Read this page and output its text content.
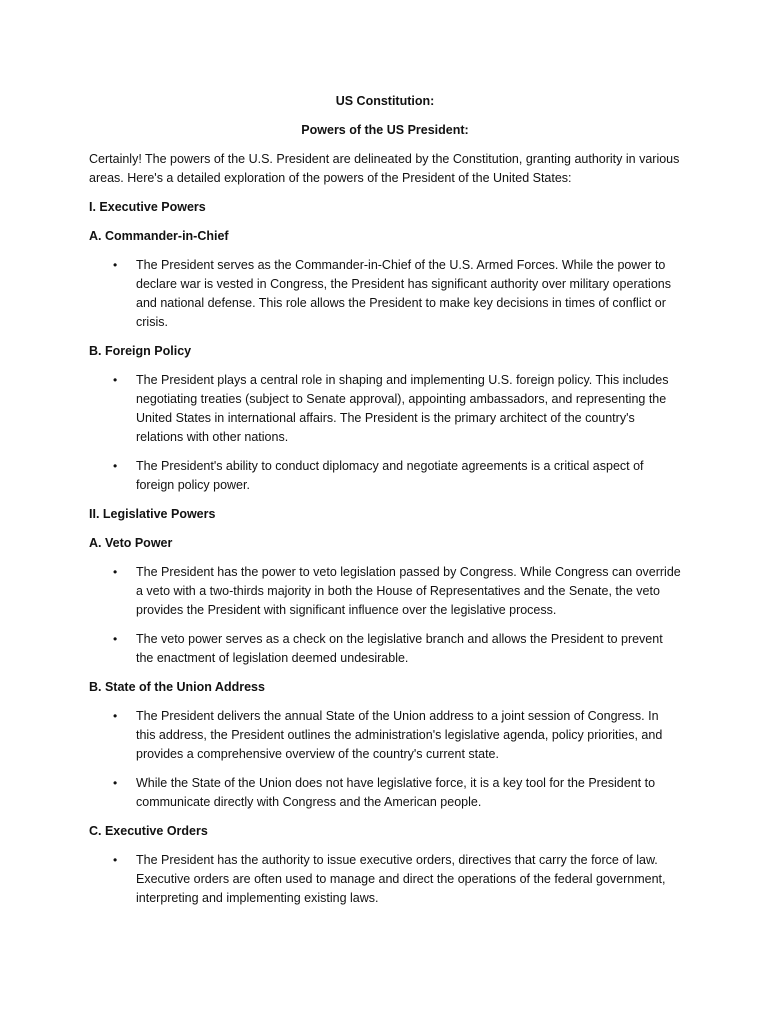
US Constitution:

Powers of the US President:

Certainly! The powers of the U.S. President are delineated by the Constitution, granting authority in various areas. Here's a detailed exploration of the powers of the President of the United States:

I. Executive Powers

A. Commander-in-Chief

• The President serves as the Commander-in-Chief of the U.S. Armed Forces. While the power to declare war is vested in Congress, the President has significant authority over military operations and national defense. This role allows the President to make key decisions in times of conflict or crisis.

B. Foreign Policy

• The President plays a central role in shaping and implementing U.S. foreign policy. This includes negotiating treaties (subject to Senate approval), appointing ambassadors, and representing the United States in international affairs. The President is the primary architect of the country's relations with other nations.
• The President's ability to conduct diplomacy and negotiate agreements is a critical aspect of foreign policy power.

II. Legislative Powers

A. Veto Power

• The President has the power to veto legislation passed by Congress. While Congress can override a veto with a two-thirds majority in both the House of Representatives and the Senate, the veto provides the President with significant influence over the legislative process.
• The veto power serves as a check on the legislative branch and allows the President to prevent the enactment of legislation deemed undesirable.

B. State of the Union Address

• The President delivers the annual State of the Union address to a joint session of Congress. In this address, the President outlines the administration's legislative agenda, policy priorities, and provides a comprehensive overview of the country's current state.
• While the State of the Union does not have legislative force, it is a key tool for the President to communicate directly with Congress and the American people.

C. Executive Orders

• The President has the authority to issue executive orders, directives that carry the force of law. Executive orders are often used to manage and direct the operations of the federal government, interpreting and implementing existing laws.
